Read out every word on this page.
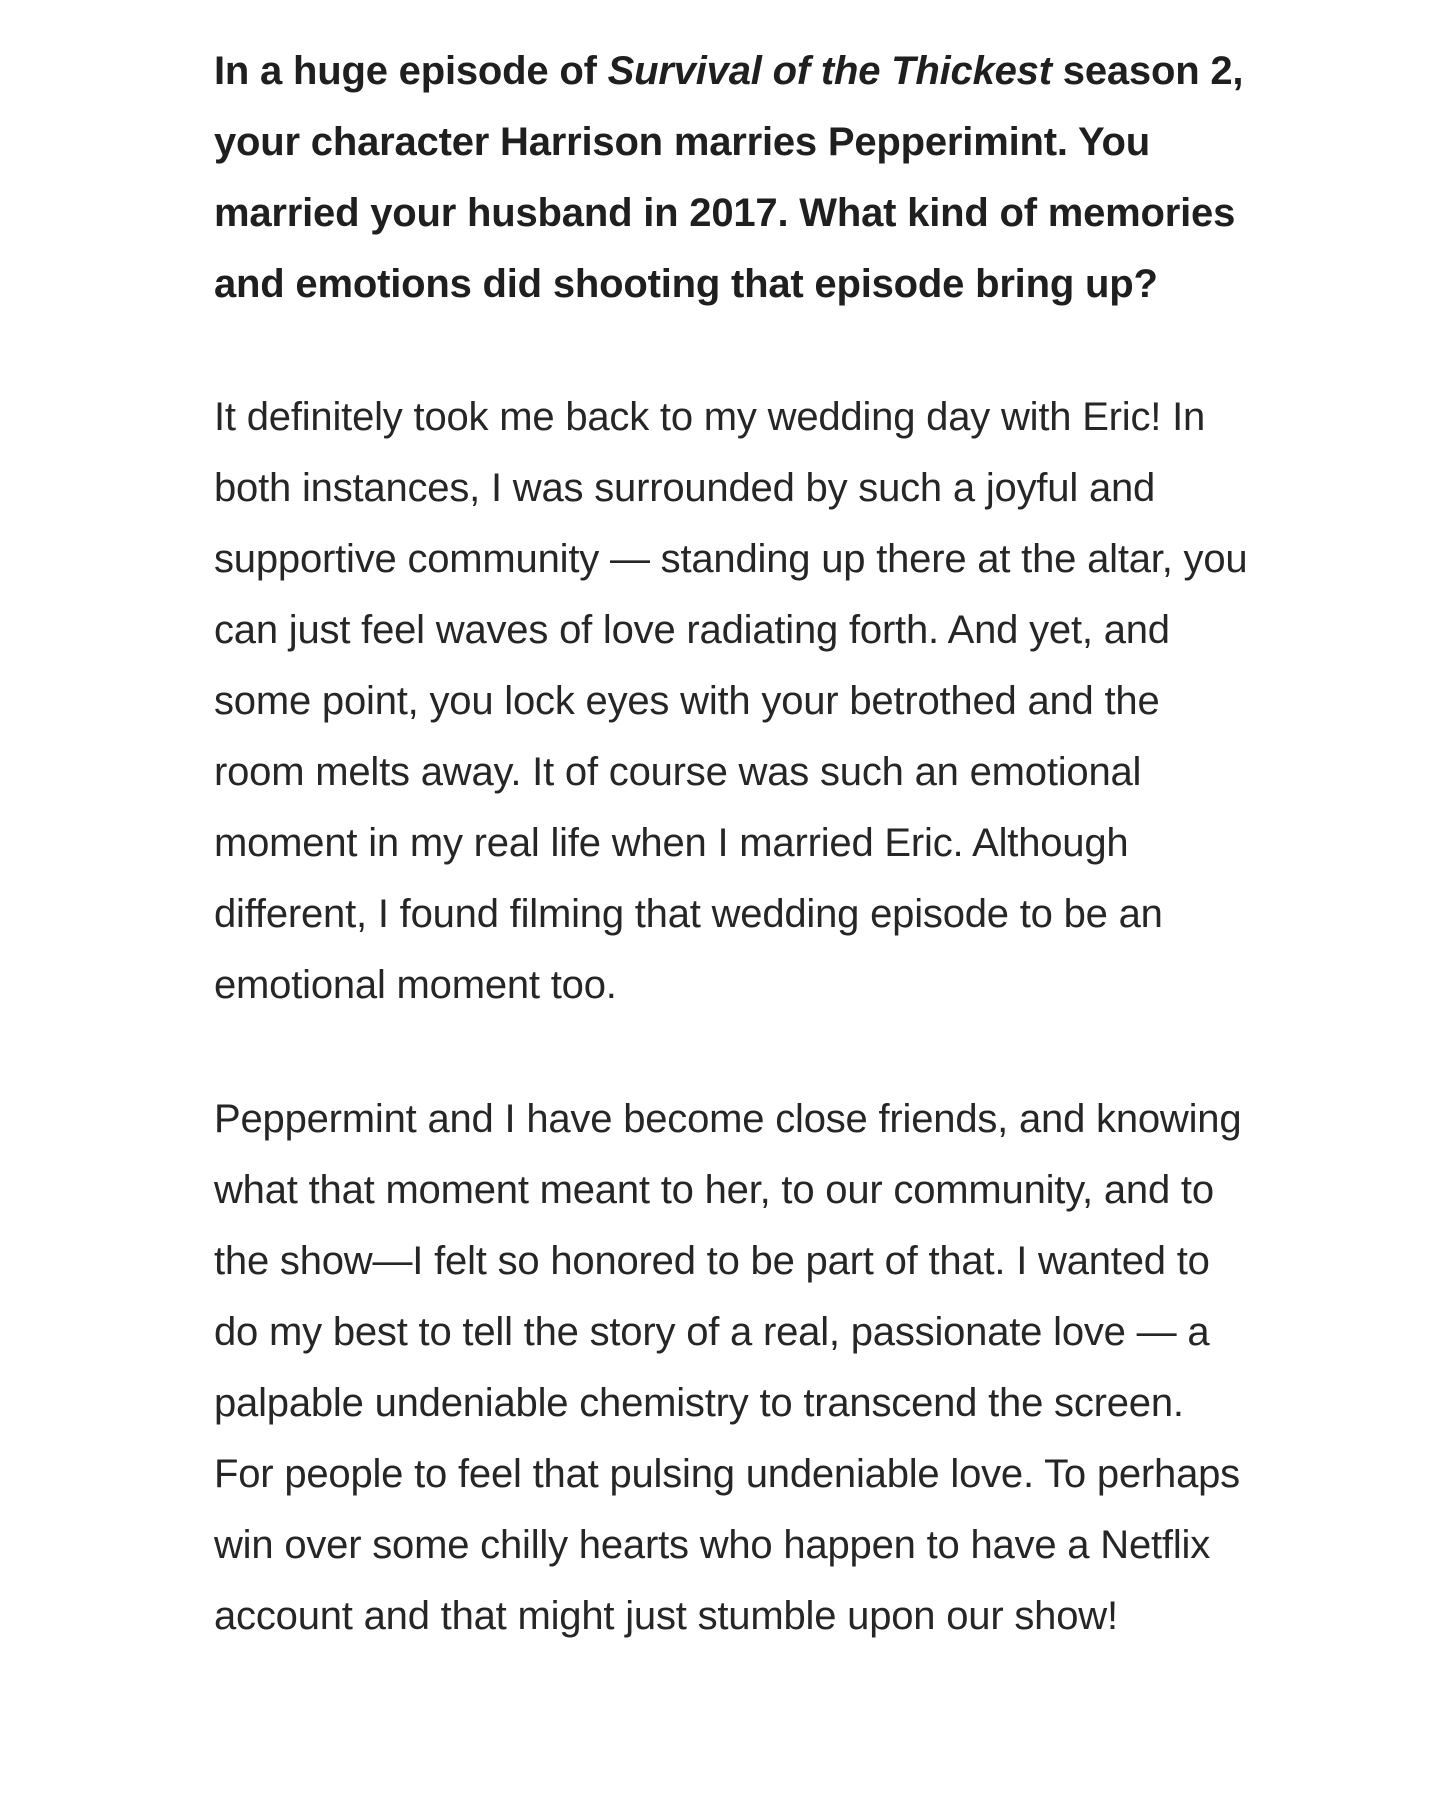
In a huge episode of Survival of the Thickest season 2, your character Harrison marries Pepperimint. You married your husband in 2017. What kind of memories and emotions did shooting that episode bring up?

It definitely took me back to my wedding day with Eric! In both instances, I was surrounded by such a joyful and supportive community — standing up there at the altar, you can just feel waves of love radiating forth. And yet, and some point, you lock eyes with your betrothed and the room melts away. It of course was such an emotional moment in my real life when I married Eric. Although different, I found filming that wedding episode to be an emotional moment too.

Peppermint and I have become close friends, and knowing what that moment meant to her, to our community, and to the show—I felt so honored to be part of that. I wanted to do my best to tell the story of a real, passionate love — a palpable undeniable chemistry to transcend the screen. For people to feel that pulsing undeniable love. To perhaps win over some chilly hearts who happen to have a Netflix account and that might just stumble upon our show!
